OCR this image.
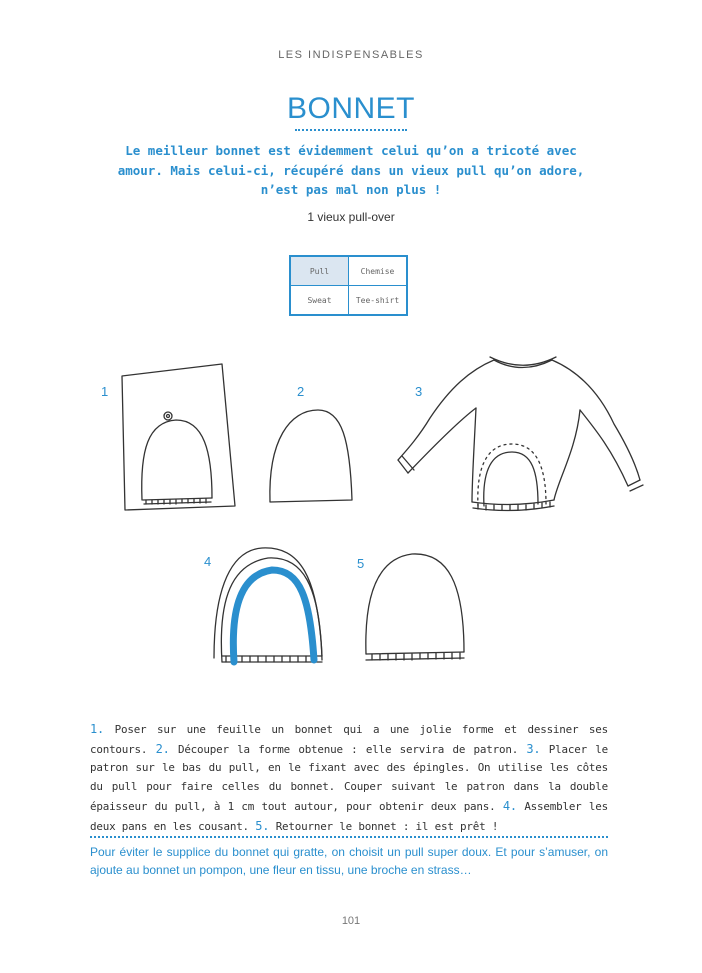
LES INDISPENSABLES
BONNET
Le meilleur bonnet est évidemment celui qu’on a tricoté avec amour. Mais celui-ci, récupéré dans un vieux pull qu’on adore, n’est pas mal non plus !
1 vieux pull-over
Pull	Chemise
Sweat	Tee-shirt
1	2	3
4	5
1. Poser sur une feuille un bonnet qui a une jolie forme et dessiner ses contours. 2. Découper la forme obtenue : elle servira de patron. 3. Placer le patron sur le bas du pull, en le fixant avec des épingles. On utilise les côtes du pull pour faire celles du bonnet. Couper suivant le patron dans la double épaisseur du pull, à 1 cm tout autour, pour obtenir deux pans. 4. Assembler les deux pans en les cousant. 5. Retourner le bonnet : il est prêt !
Pour éviter le supplice du bonnet qui gratte, on choisit un pull super doux. Et pour s’amuser, on ajoute au bonnet un pompon, une fleur en tissu, une broche en strass…
101
